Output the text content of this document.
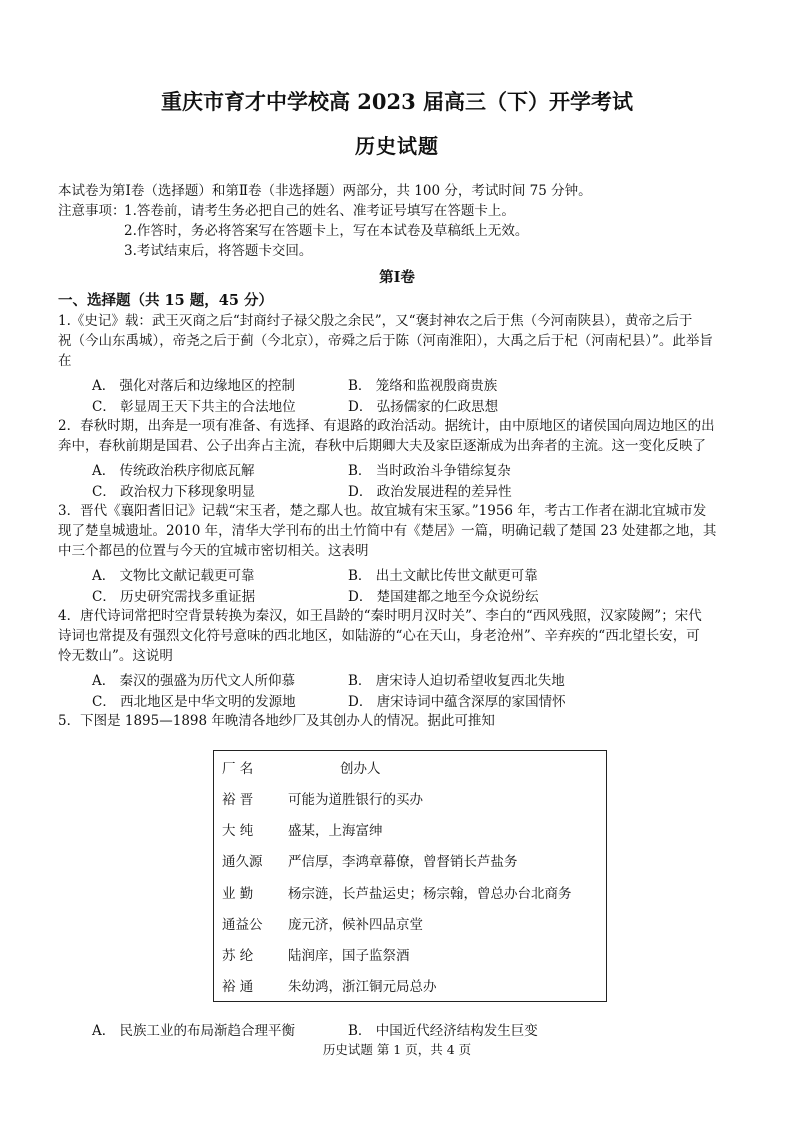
重庆市育才中学校高 2023 届高三（下）开学考试
历史试题
本试卷为第Ⅰ卷（选择题）和第Ⅱ卷（非选择题）两部分，共 100 分，考试时间 75 分钟。
注意事项：
1.答卷前，请考生务必把自己的姓名、准考证号填写在答题卡上。
2.作答时，务必将答案写在答题卡上，写在本试卷及草稿纸上无效。
3.考试结束后，将答题卡交回。
第Ⅰ卷
一、选择题（共 15 题，45 分）
1.《史记》载：武王灭商之后“封商纣子禄父殷之余民”，又“褒封神农之后于焦（今河南陕县），黄帝之后于
祝（今山东禹城），帝尧之后于蓟（今北京），帝舜之后于陈（河南淮阳），大禹之后于杞（河南杞县）”。此举旨
在
A． 强化对落后和边缘地区的控制	B． 笼络和监视殷商贵族
C． 彰显周王天下共主的合法地位	D． 弘扬儒家的仁政思想
2．春秋时期，出奔是一项有准备、有选择、有退路的政治活动。据统计，由中原地区的诸侯国向周边地区的出
奔中，春秋前期是国君、公子出奔占主流，春秋中后期卿大夫及家臣逐渐成为出奔者的主流。这一变化反映了
A． 传统政治秩序彻底瓦解	B． 当时政治斗争错综复杂
C． 政治权力下移现象明显	D． 政治发展进程的差异性
3．晋代《襄阳耆旧记》记载“宋玉者，楚之鄢人也。故宜城有宋玉冢。”1956 年，考古工作者在湖北宜城市发
现了楚皇城遗址。2010 年，清华大学刊布的出土竹简中有《楚居》一篇，明确记载了楚国 23 处建都之地，其
中三个都邑的位置与今天的宜城市密切相关。这表明
A． 文物比文献记载更可靠	B． 出土文献比传世文献更可靠
C． 历史研究需找多重证据	D． 楚国建都之地至今众说纷纭
4．唐代诗词常把时空背景转换为秦汉，如王昌龄的“秦时明月汉时关”、李白的“西风残照，汉家陵阙”；宋代
诗词也常提及有强烈文化符号意味的西北地区，如陆游的“心在天山，身老沧州”、辛弃疾的“西北望长安，可
怜无数山”。这说明
A． 秦汉的强盛为历代文人所仰慕	B． 唐宋诗人迫切希望收复西北失地
C． 西北地区是中华文明的发源地	D． 唐宋诗词中蕴含深厚的家国情怀
5．下图是 1895—1898 年晚清各地纱厂及其创办人的情况。据此可推知
厂 名	创办人
裕 晋	可能为道胜银行的买办
大 纯	盛某，上海富绅
通久源	严信厚，李鸿章幕僚，曾督销长芦盐务
业 勤	杨宗涟，长芦盐运史；杨宗翰，曾总办台北商务
通益公	庞元济，候补四品京堂
苏 纶	陆润庠，国子监祭酒
裕 通	朱幼鸿，浙江铜元局总办
A． 民族工业的布局渐趋合理平衡	B． 中国近代经济结构发生巨变
历史试题 第 1 页，共 4 页
